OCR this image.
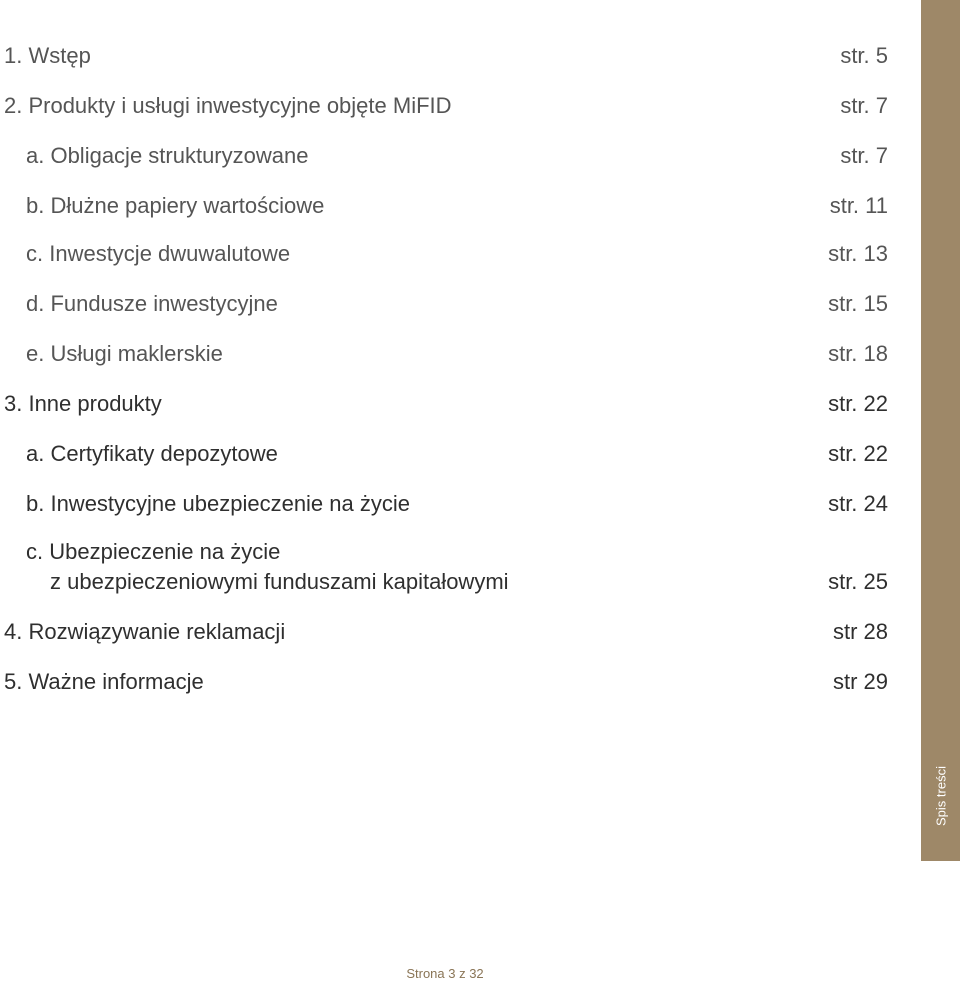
1. Wstęp	str. 5
2. Produkty i usługi inwestycyjne objęte MiFID	str. 7
a. Obligacje strukturyzowane	str. 7
b. Dłużne papiery wartościowe	str. 11
c. Inwestycje dwuwalutowe	str. 13
d. Fundusze inwestycyjne	str. 15
e. Usługi maklerskie	str. 18
3. Inne produkty	str. 22
a. Certyfikaty depozytowe	str. 22
b. Inwestycyjne ubezpieczenie na życie	str. 24
c. Ubezpieczenie na życie
z ubezpieczeniowymi funduszami kapitałowymi	str. 25
4. Rozwiązywanie reklamacji	str 28
5. Ważne informacje	str 29
Spis treści
Strona 3 z 32
